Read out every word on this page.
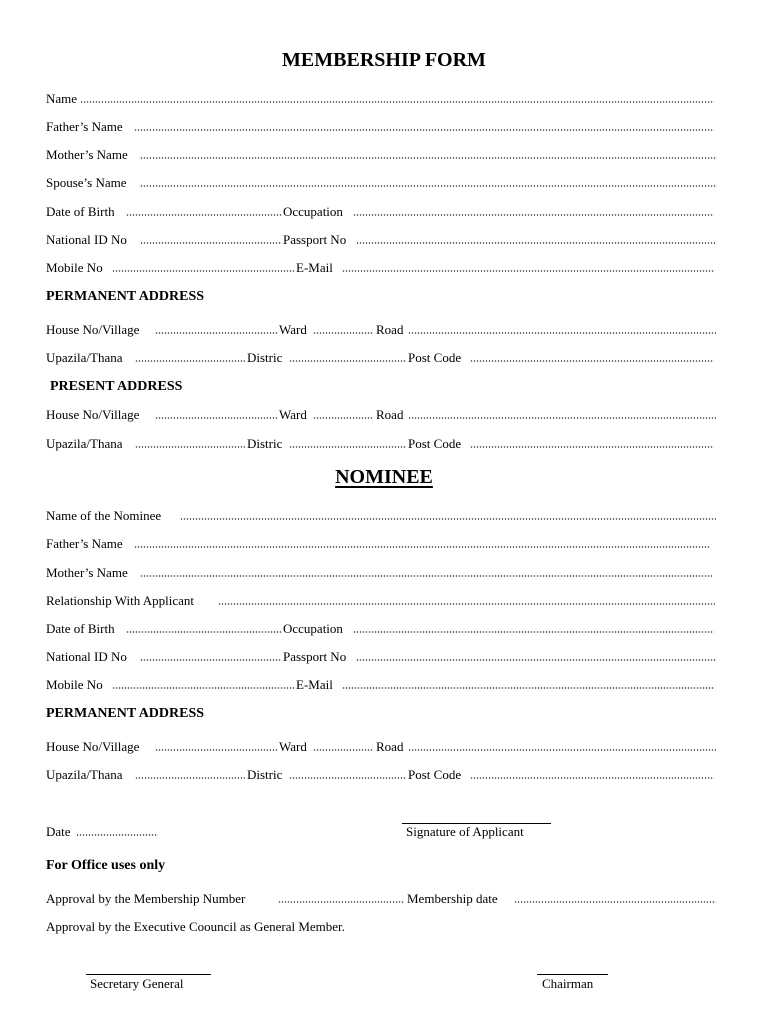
MEMBERSHIP FORM
Name
Father’s Name
Mother’s Name
Spouse’s Name
Date of Birth	Occupation
National ID No	Passport No
Mobile No	E-Mail
PERMANENT ADDRESS
House No/Village	Ward	Road
Upazila/Thana	Distric	Post Code
PRESENT ADDRESS
House No/Village	Ward	Road
Upazila/Thana	Distric	Post Code
NOMINEE
Name of the Nominee
Father’s Name
Mother’s Name
Relationship With Applicant
Date of Birth	Occupation
National ID No	Passport No
Mobile No	E-Mail
PERMANENT ADDRESS
House No/Village	Ward	Road
Upazila/Thana	Distric	Post Code
Date	Signature of Applicant
For Office uses only
Approval by the Membership Number	Membership date
Approval by the Executive Coouncil as General Member.
Secretary General	Chairman
